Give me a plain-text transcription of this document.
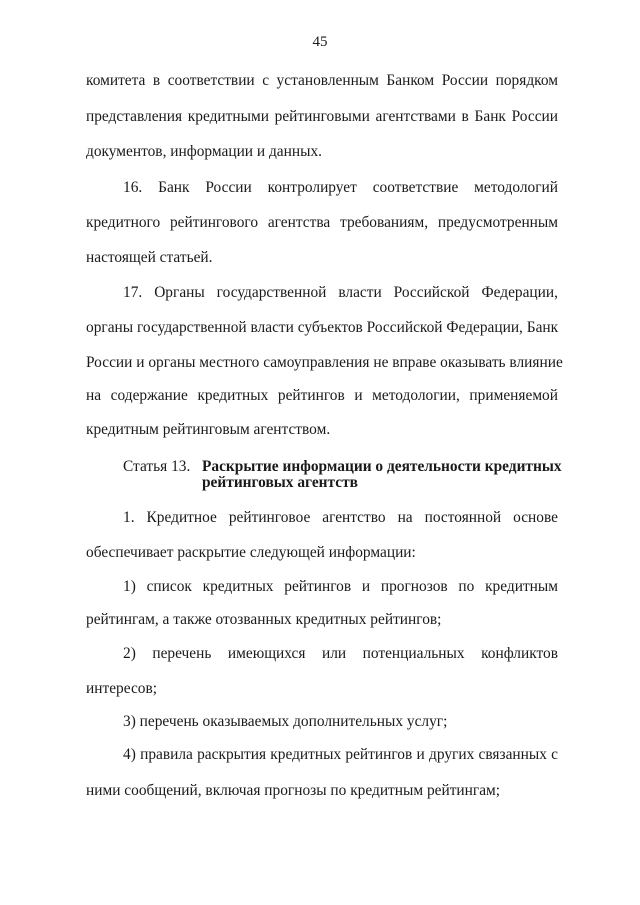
45
комитета в соответствии с установленным Банком России порядком
представления кредитными рейтинговыми агентствами в Банк России
документов, информации и данных.
16. Банк России контролирует соответствие методологий
кредитного рейтингового агентства требованиям, предусмотренным
настоящей статьей.
17. Органы государственной власти Российской Федерации,
органы государственной власти субъектов Российской Федерации, Банк
России и органы местного самоуправления не вправе оказывать влияние
на содержание кредитных рейтингов и методологии, применяемой
кредитным рейтинговым агентством.
Статья 13. Раскрытие информации о деятельности кредитных
рейтинговых агентств
1. Кредитное рейтинговое агентство на постоянной основе
обеспечивает раскрытие следующей информации:
1) список кредитных рейтингов и прогнозов по кредитным
рейтингам, а также отозванных кредитных рейтингов;
2) перечень имеющихся или потенциальных конфликтов
интересов;
3) перечень оказываемых дополнительных услуг;
4) правила раскрытия кредитных рейтингов и других связанных с
ними сообщений, включая прогнозы по кредитным рейтингам;
